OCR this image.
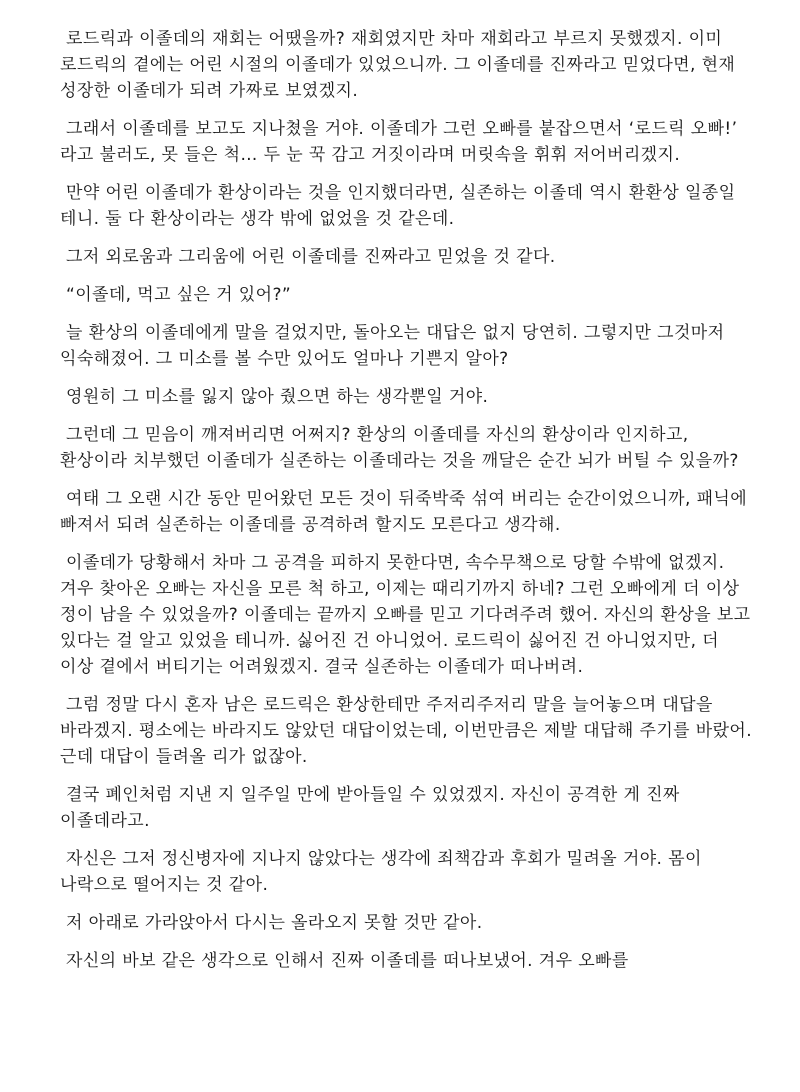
로드릭과 이졸데의 재회는 어땠을까? 재회였지만 차마 재회라고 부르지 못했겠지. 이미 로드릭의 곁에는 어린 시절의 이졸데가 있었으니까. 그 이졸데를 진짜라고 믿었다면, 현재 성장한 이졸데가 되려 가짜로 보였겠지.

그래서 이졸데를 보고도 지나쳤을 거야. 이졸데가 그런 오빠를 붙잡으면서 ‘로드릭 오빠!’ 라고 불러도, 못 들은 척… 두 눈 꾹 감고 거짓이라며 머릿속을 휘휘 저어버리겠지.

만약 어린 이졸데가 환상이라는 것을 인지했더라면, 실존하는 이졸데 역시 환환상 일종일 테니. 둘 다 환상이라는 생각 밖에 없었을 것 같은데.

그저 외로움과 그리움에 어린 이졸데를 진짜라고 믿었을 것 같다.

“이졸데, 먹고 싶은 거 있어?”

늘 환상의 이졸데에게 말을 걸었지만, 돌아오는 대답은 없지 당연히. 그렇지만 그것마저 익숙해졌어. 그 미소를 볼 수만 있어도 얼마나 기쁜지 알아?

영원히 그 미소를 잃지 않아 줬으면 하는 생각뿐일 거야.

그런데 그 믿음이 깨져버리면 어쩌지? 환상의 이졸데를 자신의 환상이라 인지하고, 환상이라 치부했던 이졸데가 실존하는 이졸데라는 것을 깨달은 순간 뇌가 버틸 수 있을까?

여태 그 오랜 시간 동안 믿어왔던 모든 것이 뒤죽박죽 섞여 버리는 순간이었으니까, 패닉에 빠져서 되려 실존하는 이졸데를 공격하려 할지도 모른다고 생각해.

이졸데가 당황해서 차마 그 공격을 피하지 못한다면, 속수무책으로 당할 수밖에 없겠지. 겨우 찾아온 오빠는 자신을 모른 척 하고, 이제는 때리기까지 하네? 그런 오빠에게 더 이상 정이 남을 수 있었을까? 이졸데는 끝까지 오빠를 믿고 기다려주려 했어. 자신의 환상을 보고 있다는 걸 알고 있었을 테니까. 싫어진 건 아니었어. 로드릭이 싫어진 건 아니었지만, 더 이상 곁에서 버티기는 어려웠겠지. 결국 실존하는 이졸데가 떠나버려.

그럼 정말 다시 혼자 남은 로드릭은 환상한테만 주저리주저리 말을 늘어놓으며 대답을 바라겠지. 평소에는 바라지도 않았던 대답이었는데, 이번만큼은 제발 대답해 주기를 바랐어. 근데 대답이 들려올 리가 없잖아.

결국 폐인처럼 지낸 지 일주일 만에 받아들일 수 있었겠지. 자신이 공격한 게 진짜 이졸데라고.

자신은 그저 정신병자에 지나지 않았다는 생각에 죄책감과 후회가 밀려올 거야. 몸이 나락으로 떨어지는 것 같아.

저 아래로 가라앉아서 다시는 올라오지 못할 것만 같아.

자신의 바보 같은 생각으로 인해서 진짜 이졸데를 떠나보냈어. 겨우 오빠를
